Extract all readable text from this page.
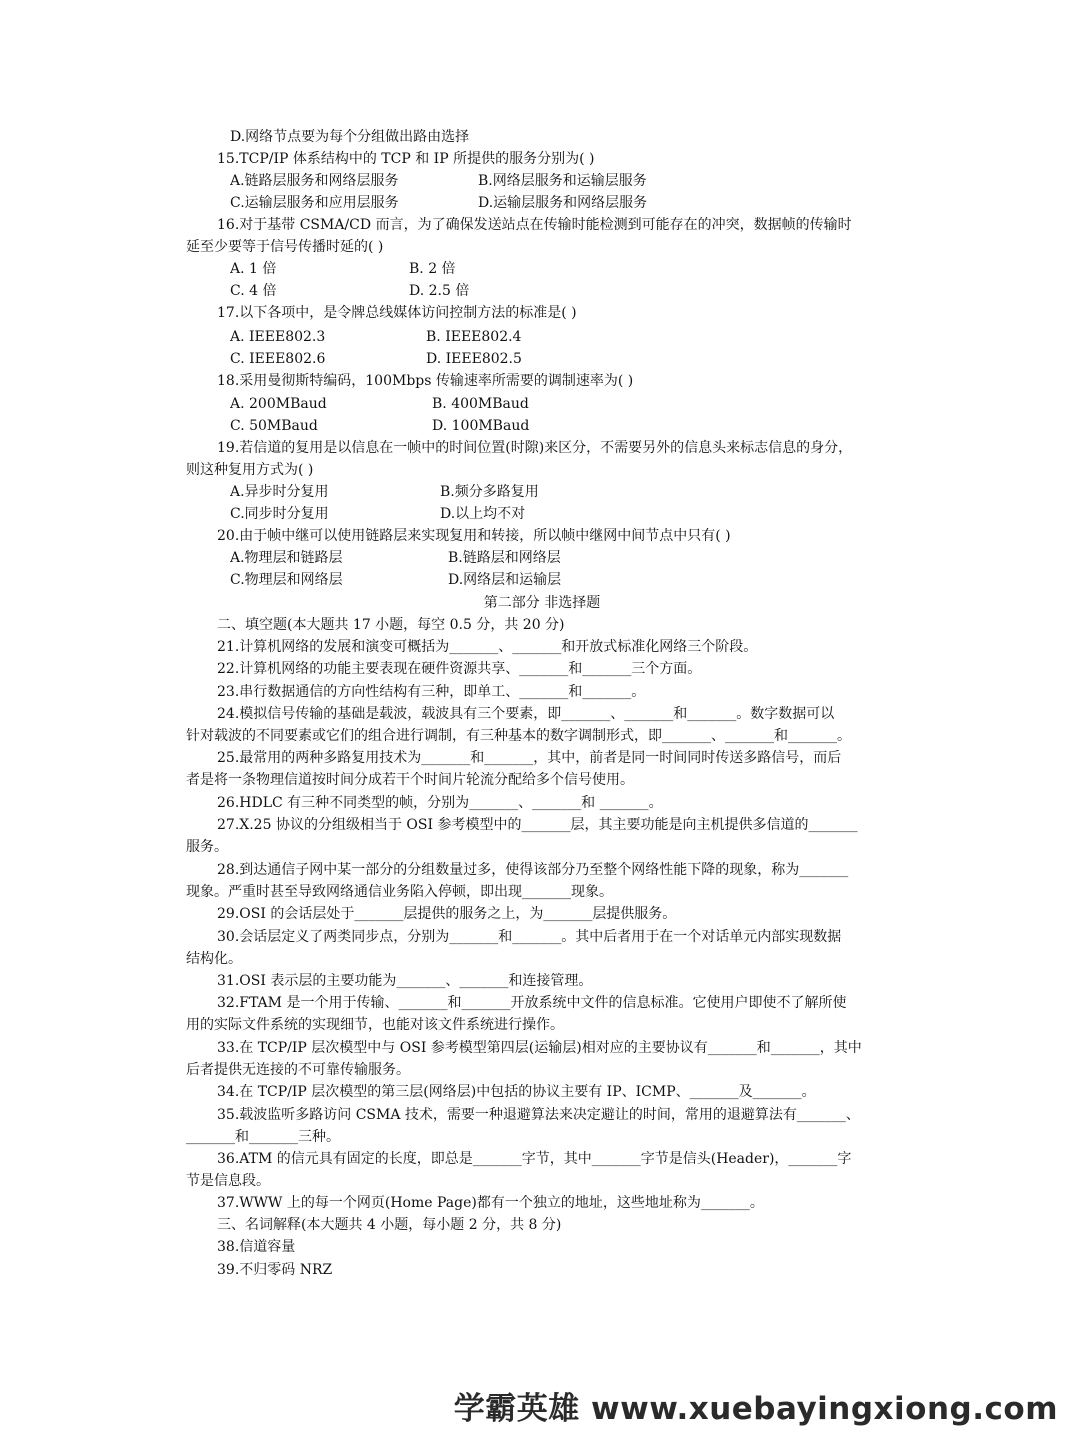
D.网络节点要为每个分组做出路由选择
15.TCP/IP 体系结构中的 TCP 和 IP 所提供的服务分别为( )
A.链路层服务和网络层服务	B.网络层服务和运输层服务
C.运输层服务和应用层服务	D.运输层服务和网络层服务
16.对于基带 CSMA/CD 而言，为了确保发送站点在传输时能检测到可能存在的冲突，数据帧的传输时
延至少要等于信号传播时延的( )
A. 1 倍	B. 2 倍
C. 4 倍	D. 2.5 倍
17.以下各项中，是令牌总线媒体访问控制方法的标准是( )
A. IEEE802.3	B. IEEE802.4
C. IEEE802.6	D. IEEE802.5
18.采用曼彻斯特编码，100Mbps 传输速率所需要的调制速率为( )
A. 200MBaud	B. 400MBaud
C. 50MBaud	D. 100MBaud
19.若信道的复用是以信息在一帧中的时间位置(时隙)来区分，不需要另外的信息头来标志信息的身分，
则这种复用方式为( )
A.异步时分复用	B.频分多路复用
C.同步时分复用	D.以上均不对
20.由于帧中继可以使用链路层来实现复用和转接，所以帧中继网中间节点中只有( )
A.物理层和链路层	B.链路层和网络层
C.物理层和网络层	D.网络层和运输层
第二部分 非选择题
二、填空题(本大题共 17 小题，每空 0.5 分，共 20 分)
21.计算机网络的发展和演变可概括为_______、_______和开放式标准化网络三个阶段。
22.计算机网络的功能主要表现在硬件资源共享、_______和_______三个方面。
23.串行数据通信的方向性结构有三种，即单工、_______和_______。
24.模拟信号传输的基础是载波，载波具有三个要素，即_______、_______和_______。数字数据可以
针对载波的不同要素或它们的组合进行调制，有三种基本的数字调制形式，即_______、_______和_______。
25.最常用的两种多路复用技术为_______和_______，其中，前者是同一时间同时传送多路信号，而后
者是将一条物理信道按时间分成若干个时间片轮流分配给多个信号使用。
26.HDLC 有三种不同类型的帧，分别为_______、_______和 _______。
27.X.25 协议的分组级相当于 OSI 参考模型中的_______层，其主要功能是向主机提供多信道的_______
服务。
28.到达通信子网中某一部分的分组数量过多，使得该部分乃至整个网络性能下降的现象，称为_______
现象。严重时甚至导致网络通信业务陷入停顿，即出现_______现象。
29.OSI 的会话层处于_______层提供的服务之上，为_______层提供服务。
30.会话层定义了两类同步点，分别为_______和_______。其中后者用于在一个对话单元内部实现数据
结构化。
31.OSI 表示层的主要功能为_______、_______和连接管理。
32.FTAM 是一个用于传输、_______和_______开放系统中文件的信息标准。它使用户即使不了解所使
用的实际文件系统的实现细节，也能对该文件系统进行操作。
33.在 TCP/IP 层次模型中与 OSI 参考模型第四层(运输层)相对应的主要协议有_______和_______，其中
后者提供无连接的不可靠传输服务。
34.在 TCP/IP 层次模型的第三层(网络层)中包括的协议主要有 IP、ICMP、_______及_______。
35.载波监听多路访问 CSMA 技术，需要一种退避算法来决定避让的时间，常用的退避算法有_______、
_______和_______三种。
36.ATM 的信元具有固定的长度，即总是_______字节，其中_______字节是信头(Header)，_______字
节是信息段。
37.WWW 上的每一个网页(Home Page)都有一个独立的地址，这些地址称为_______。
三、名词解释(本大题共 4 小题，每小题 2 分，共 8 分)
38.信道容量
39.不归零码 NRZ
学霸英雄 www.xuebayingxiong.com
